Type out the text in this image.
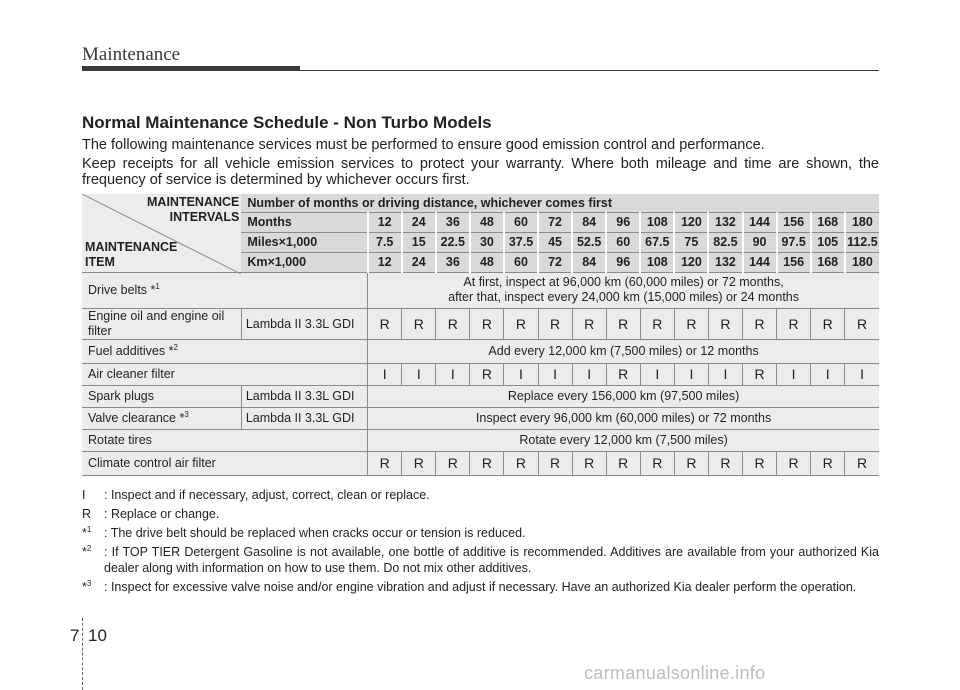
Maintenance
Normal Maintenance Schedule - Non Turbo Models
The following maintenance services must be performed to ensure good emission control and performance.
Keep receipts for all vehicle emission services to protect your warranty. Where both mileage and time are shown, the frequency of service is determined by whichever occurs first.
MAINTENANCE
INTERVALS
MAINTENANCE
ITEM	Number of months or driving distance, whichever comes first															
	Months	12	24	36	48	60	72	84	96	108	120	132	144	156	168	180
	Miles×1,000	7.5	15	22.5	30	37.5	45	52.5	60	67.5	75	82.5	90	97.5	105	112.5
	Km×1,000	12	24	36	48	60	72	84	96	108	120	132	144	156	168	180
Drive belts *$^1$		At first, inspect at 96,000 km (60,000 miles) or 72 months,
after that, inspect every 24,000 km (15,000 miles) or 24 months														
Engine oil and engine oil filter	Lambda II 3.3L GDI	R	R	R	R	R	R	R	R	R	R	R	R	R	R	R
Fuel additives *$^2$		Add every 12,000 km (7,500 miles) or 12 months														
Air cleaner filter		I	I	I	R	I	I	I	R	I	I	I	R	I	I	I
Spark plugs	Lambda II 3.3L GDI	Replace every 156,000 km (97,500 miles)														
Valve clearance *$^3$	Lambda II 3.3L GDI	Inspect every 96,000 km (60,000 miles) or 72 months														
Rotate tires		Rotate every 12,000 km (7,500 miles)														
Climate control air filter		R	R	R	R	R	R	R	R	R	R	R	R	R	R	R
I : Inspect and if necessary, adjust, correct, clean or replace.
R : Replace or change.
*$^1$ : The drive belt should be replaced when cracks occur or tension is reduced.
*$^2$ : If TOP TIER Detergent Gasoline is not available, one bottle of additive is recommended. Additives are available from your authorized Kia dealer along with information on how to use them. Do not mix other additives.
*$^3$ : Inspect for excessive valve noise and/or engine vibration and adjust if necessary. Have an authorized Kia dealer perform the operation.
7 10
carmanualsonline.info
